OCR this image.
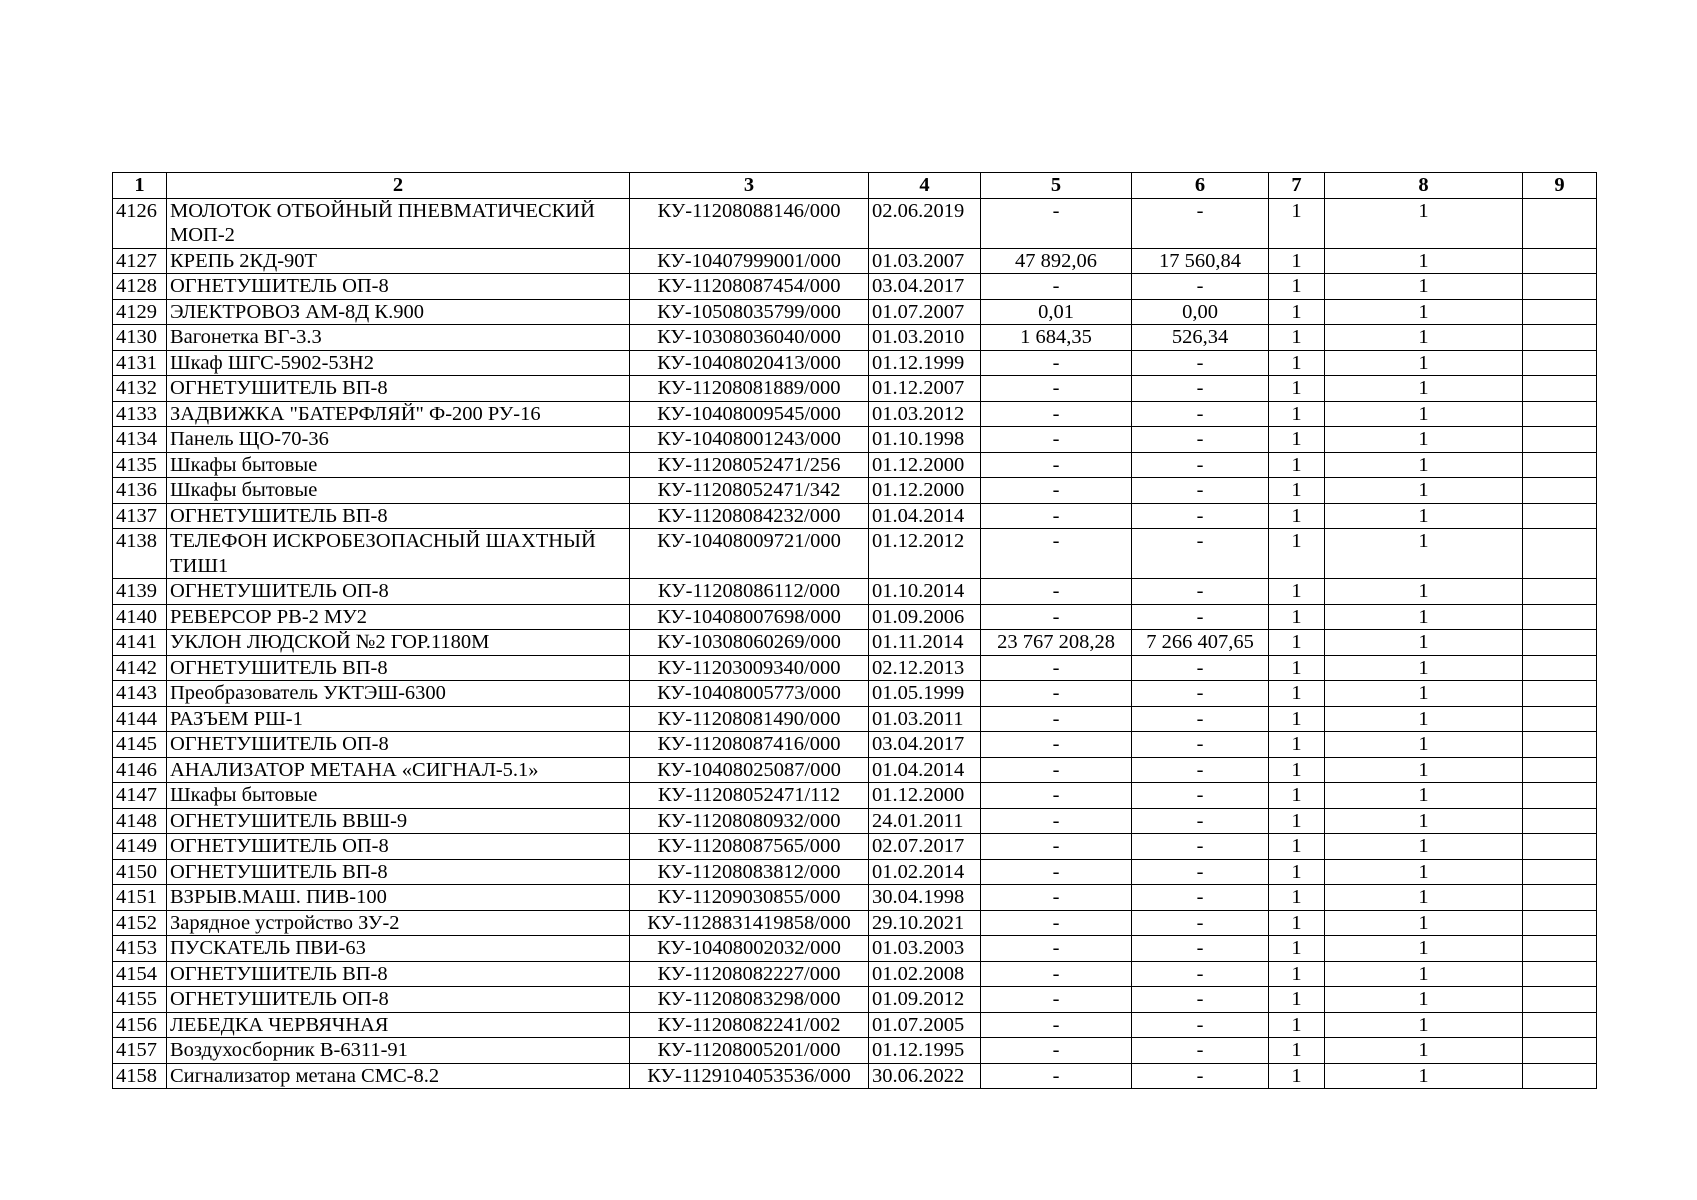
1	2	3	4	5	6	7	8	9
4126	МОЛОТОК ОТБОЙНЫЙ ПНЕВМАТИЧЕСКИЙ МОП-2	КУ-11208088146/000	02.06.2019	-	-	1	1	
4127	КРЕПЬ 2КД-90Т	КУ-10407999001/000	01.03.2007	47 892,06	17 560,84	1	1	
4128	ОГНЕТУШИТЕЛЬ ОП-8	КУ-11208087454/000	03.04.2017	-	-	1	1	
4129	ЭЛЕКТРОВОЗ АМ-8Д К.900	КУ-10508035799/000	01.07.2007	0,01	0,00	1	1	
4130	Вагонетка ВГ-3.3	КУ-10308036040/000	01.03.2010	1 684,35	526,34	1	1	
4131	Шкаф ШГС-5902-53Н2	КУ-10408020413/000	01.12.1999	-	-	1	1	
4132	ОГНЕТУШИТЕЛЬ ВП-8	КУ-11208081889/000	01.12.2007	-	-	1	1	
4133	ЗАДВИЖКА "БАТЕРФЛЯЙ" Ф-200 РУ-16	КУ-10408009545/000	01.03.2012	-	-	1	1	
4134	Панель ЩО-70-36	КУ-10408001243/000	01.10.1998	-	-	1	1	
4135	Шкафы бытовые	КУ-11208052471/256	01.12.2000	-	-	1	1	
4136	Шкафы бытовые	КУ-11208052471/342	01.12.2000	-	-	1	1	
4137	ОГНЕТУШИТЕЛЬ ВП-8	КУ-11208084232/000	01.04.2014	-	-	1	1	
4138	ТЕЛЕФОН ИСКРОБЕЗОПАСНЫЙ ШАХТНЫЙ ТИШ1	КУ-10408009721/000	01.12.2012	-	-	1	1	
4139	ОГНЕТУШИТЕЛЬ ОП-8	КУ-11208086112/000	01.10.2014	-	-	1	1	
4140	РЕВЕРСОР РВ-2 МУ2	КУ-10408007698/000	01.09.2006	-	-	1	1	
4141	УКЛОН ЛЮДСКОЙ №2 ГОР.1180М	КУ-10308060269/000	01.11.2014	23 767 208,28	7 266 407,65	1	1	
4142	ОГНЕТУШИТЕЛЬ ВП-8	КУ-11203009340/000	02.12.2013	-	-	1	1	
4143	Преобразователь УКТЭШ-6300	КУ-10408005773/000	01.05.1999	-	-	1	1	
4144	РАЗЪЕМ РШ-1	КУ-11208081490/000	01.03.2011	-	-	1	1	
4145	ОГНЕТУШИТЕЛЬ ОП-8	КУ-11208087416/000	03.04.2017	-	-	1	1	
4146	АНАЛИЗАТОР МЕТАНА «СИГНАЛ-5.1»	КУ-10408025087/000	01.04.2014	-	-	1	1	
4147	Шкафы бытовые	КУ-11208052471/112	01.12.2000	-	-	1	1	
4148	ОГНЕТУШИТЕЛЬ ВВШ-9	КУ-11208080932/000	24.01.2011	-	-	1	1	
4149	ОГНЕТУШИТЕЛЬ ОП-8	КУ-11208087565/000	02.07.2017	-	-	1	1	
4150	ОГНЕТУШИТЕЛЬ ВП-8	КУ-11208083812/000	01.02.2014	-	-	1	1	
4151	ВЗРЫВ.МАШ. ПИВ-100	КУ-11209030855/000	30.04.1998	-	-	1	1	
4152	Зарядное устройство ЗУ-2	КУ-1128831419858/000	29.10.2021	-	-	1	1	
4153	ПУСКАТЕЛЬ ПВИ-63	КУ-10408002032/000	01.03.2003	-	-	1	1	
4154	ОГНЕТУШИТЕЛЬ ВП-8	КУ-11208082227/000	01.02.2008	-	-	1	1	
4155	ОГНЕТУШИТЕЛЬ ОП-8	КУ-11208083298/000	01.09.2012	-	-	1	1	
4156	ЛЕБЕДКА ЧЕРВЯЧНАЯ	КУ-11208082241/002	01.07.2005	-	-	1	1	
4157	Воздухосборник В-6311-91	КУ-11208005201/000	01.12.1995	-	-	1	1	
4158	Сигнализатор метана СМС-8.2	КУ-1129104053536/000	30.06.2022	-	-	1	1	
